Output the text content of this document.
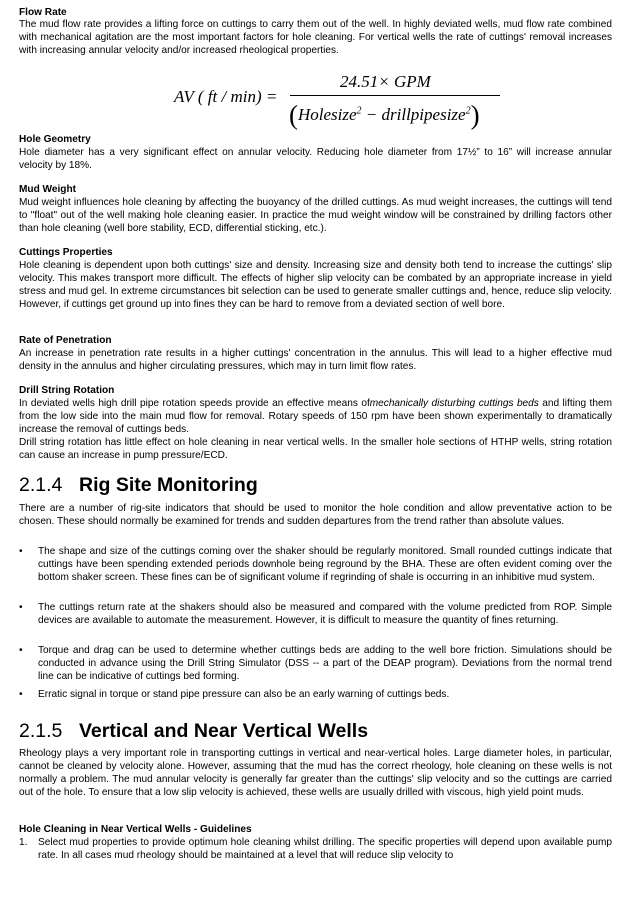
Flow Rate
The mud flow rate provides a lifting force on cuttings to carry them out of the well. In highly deviated wells, mud flow rate combined with mechanical agitation are the most important factors for hole cleaning. For vertical wells the rate of cuttings' removal increases with increasing annular velocity and/or increased rheological properties.
AV ( ft / min) =
24.51× GPM
(Holesize$^2$ − drillpipesize$^2$)
Hole Geometry
Hole diameter has a very significant effect on annular velocity. Reducing hole diameter from 17½” to 16” will increase annular velocity by 18%.
Mud Weight
Mud weight influences hole cleaning by affecting the buoyancy of the drilled cuttings. As mud weight increases, the cuttings will tend to "float" out of the well making hole cleaning easier. In practice the mud weight window will be constrained by drilling factors other than hole cleaning (well bore stability, ECD, differential sticking, etc.).
Cuttings Properties
Hole cleaning is dependent upon both cuttings' size and density. Increasing size and density both tend to increase the cuttings' slip velocity. This makes transport more difficult. The effects of higher slip velocity can be combated by an appropriate increase in yield stress and mud gel. In extreme circumstances bit selection can be used to generate smaller cuttings and, hence, reduce slip velocity. However, if cuttings get ground up into fines they can be hard to remove from a deviated section of well bore.
Rate of Penetration
An increase in penetration rate results in a higher cuttings' concentration in the annulus. This will lead to a higher effective mud density in the annulus and higher circulating pressures, which may in turn limit flow rates.
Drill String Rotation
In deviated wells high drill pipe rotation speeds provide an effective means ofmechanically disturbing cuttings beds and lifting them from the low side into the main mud flow for removal. Rotary speeds of 150 rpm have been shown experimentally to dramatically increase the removal of cuttings beds.
Drill string rotation has little effect on hole cleaning in near vertical wells. In the smaller hole sections of HTHP wells, string rotation can cause an increase in pump pressure/ECD.
2.1.4 Rig Site Monitoring
There are a number of rig-site indicators that should be used to monitor the hole condition and allow preventative action to be chosen. These should normally be examined for trends and sudden departures from the trend rather than absolute values.
• The shape and size of the cuttings coming over the shaker should be regularly monitored. Small rounded cuttings indicate that cuttings have been spending extended periods downhole being reground by the BHA. These are often evident coming over the bottom shaker screen. These fines can be of significant volume if regrinding of shale is occurring in an inhibitive mud system.
• The cuttings return rate at the shakers should also be measured and compared with the volume predicted from ROP. Simple devices are available to automate the measurement. However, it is difficult to measure the quantity of fines returning.
• Torque and drag can be used to determine whether cuttings beds are adding to the well bore friction. Simulations should be conducted in advance using the Drill String Simulator (DSS -- a part of the DEAP program). Deviations from the normal trend line can be indicative of cuttings bed forming.
• Erratic signal in torque or stand pipe pressure can also be an early warning of cuttings beds.
2.1.5 Vertical and Near Vertical Wells
Rheology plays a very important role in transporting cuttings in vertical and near-vertical holes. Large diameter holes, in particular, cannot be cleaned by velocity alone. However, assuming that the mud has the correct rheology, hole cleaning on these wells is not normally a problem. The mud annular velocity is generally far greater than the cuttings' slip velocity and so the cuttings are carried out of the hole. To ensure that a low slip velocity is achieved, these wells are usually drilled with viscous, high yield point muds.
Hole Cleaning in Near Vertical Wells - Guidelines
1. Select mud properties to provide optimum hole cleaning whilst drilling. The specific properties will depend upon available pump rate. In all cases mud rheology should be maintained at a level that will reduce slip velocity to
